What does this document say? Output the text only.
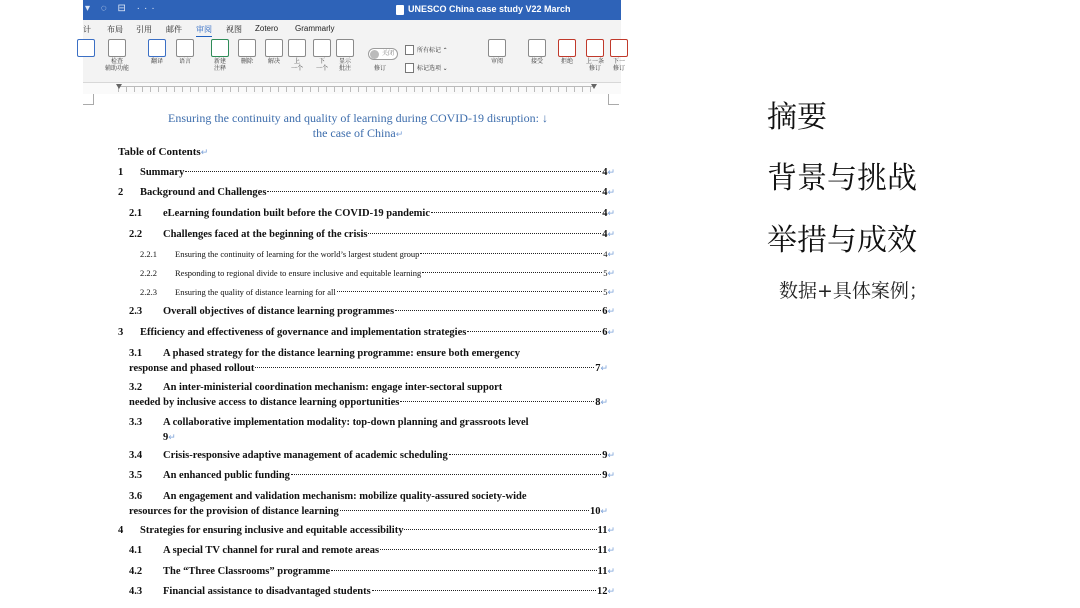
▾ ◌ ⊟ ···	UNESCO China case study V22 March
计 布局 引用 邮件 审阅 视图 Zotero Grammarly
检查
辅助功能
翻译	语言	新建
注释
删除	解决	上
一个
下
一个
显示
批注
关闭
修订
所有标记 ⌃
标记选项 ⌄
审阅	接受	拒绝	上一条
修订
下一
修订
Ensuring the continuity and quality of learning during COVID-19 disruption: ↓
the case of China↵
Table of Contents↵
1	Summary	4 ↵
2	Background and Challenges	4 ↵
2.1	eLearning foundation built before the COVID-19 pandemic	4 ↵
2.2	Challenges faced at the beginning of the crisis	4 ↵
2.2.1	Ensuring the continuity of learning for the world’s largest student group	4 ↵
2.2.2	Responding to regional divide to ensure inclusive and equitable learning	5 ↵
2.2.3	Ensuring the quality of distance learning for all	5 ↵
2.3	Overall objectives of distance learning programmes	6 ↵
3	Efficiency and effectiveness of governance and implementation strategies	6 ↵
3.1 A phased strategy for the distance learning programme: ensure both emergency
response and phased rollout	7 ↵
3.2 An inter-ministerial coordination mechanism: engage inter-sectoral support
needed by inclusive access to distance learning opportunities	8 ↵
3.3 A collaborative implementation modality: top-down planning and grassroots level
9↵
3.4	Crisis-responsive adaptive management of academic scheduling	9 ↵
3.5	An enhanced public funding	9 ↵
3.6 An engagement and validation mechanism: mobilize quality-assured society-wide
resources for the provision of distance learning	10 ↵
4	Strategies for ensuring inclusive and equitable accessibility	11 ↵
4.1	A special TV channel for rural and remote areas	11 ↵
4.2	The “Three Classrooms” programme	11 ↵
4.3	Financial assistance to disadvantaged students	12 ↵
摘要
背景与挑战
举措与成效
数据+具体案例；
